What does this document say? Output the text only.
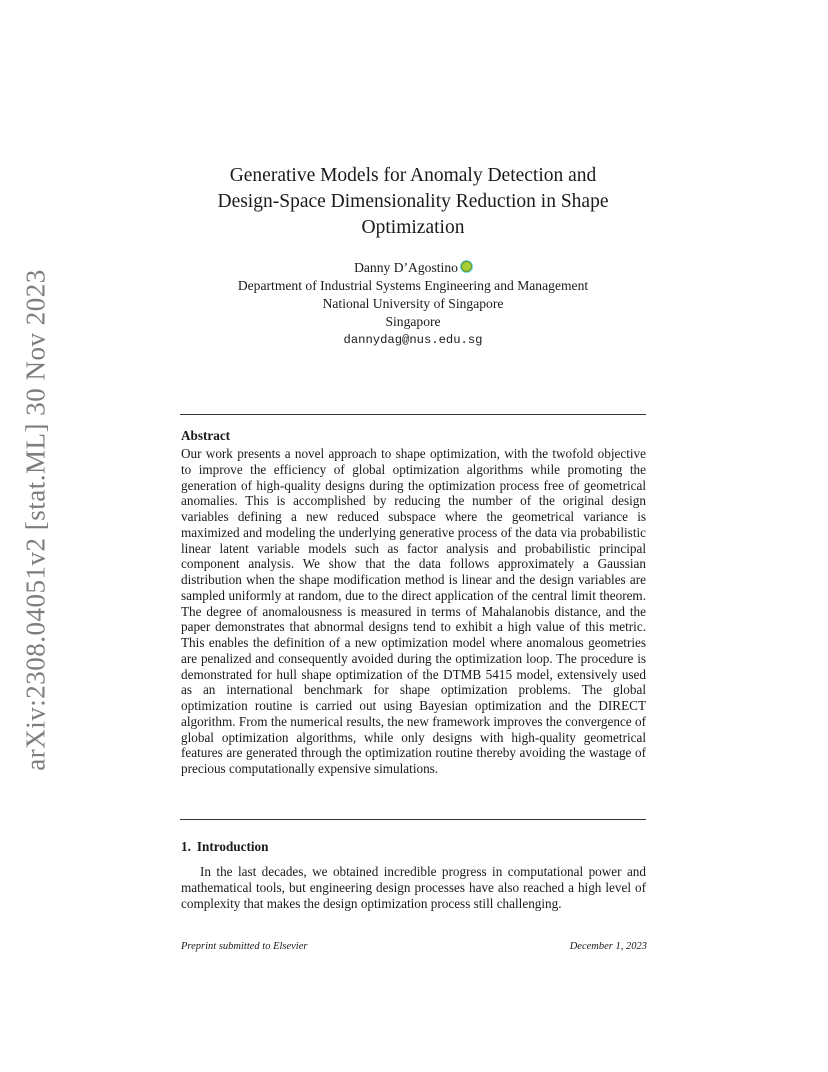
arXiv:2308.04051v2 [stat.ML] 30 Nov 2023
Generative Models for Anomaly Detection and
Design-Space Dimensionality Reduction in Shape
Optimization
Danny D’Agostino
Department of Industrial Systems Engineering and Management
National University of Singapore
Singapore
dannydag@nus.edu.sg
Abstract
Our work presents a novel approach to shape optimization, with the twofold objective to improve the efficiency of global optimization algorithms while promoting the generation of high-quality designs during the optimization process free of geometrical anomalies. This is accomplished by reducing the number of the original design variables defining a new reduced subspace where the geometrical variance is maximized and modeling the underlying generative process of the data via probabilistic linear latent variable models such as factor analysis and probabilistic principal component analysis. We show that the data follows approximately a Gaussian distribution when the shape modification method is linear and the design variables are sampled uniformly at random, due to the direct application of the central limit theorem. The degree of anomalousness is measured in terms of Mahalanobis distance, and the paper demonstrates that abnormal designs tend to exhibit a high value of this metric. This enables the definition of a new optimization model where anomalous geometries are penalized and consequently avoided during the optimization loop. The procedure is demonstrated for hull shape optimization of the DTMB 5415 model, extensively used as an international benchmark for shape optimization problems. The global optimization routine is carried out using Bayesian optimization and the DIRECT algorithm. From the numerical results, the new framework improves the convergence of global optimization algorithms, while only designs with high-quality geometrical features are generated through the optimization routine thereby avoiding the wastage of precious computationally expensive simulations.
1. Introduction
In the last decades, we obtained incredible progress in computational power and mathematical tools, but engineering design processes have also reached a high level of complexity that makes the design optimization process still challenging.
Preprint submitted to Elsevier	December 1, 2023
